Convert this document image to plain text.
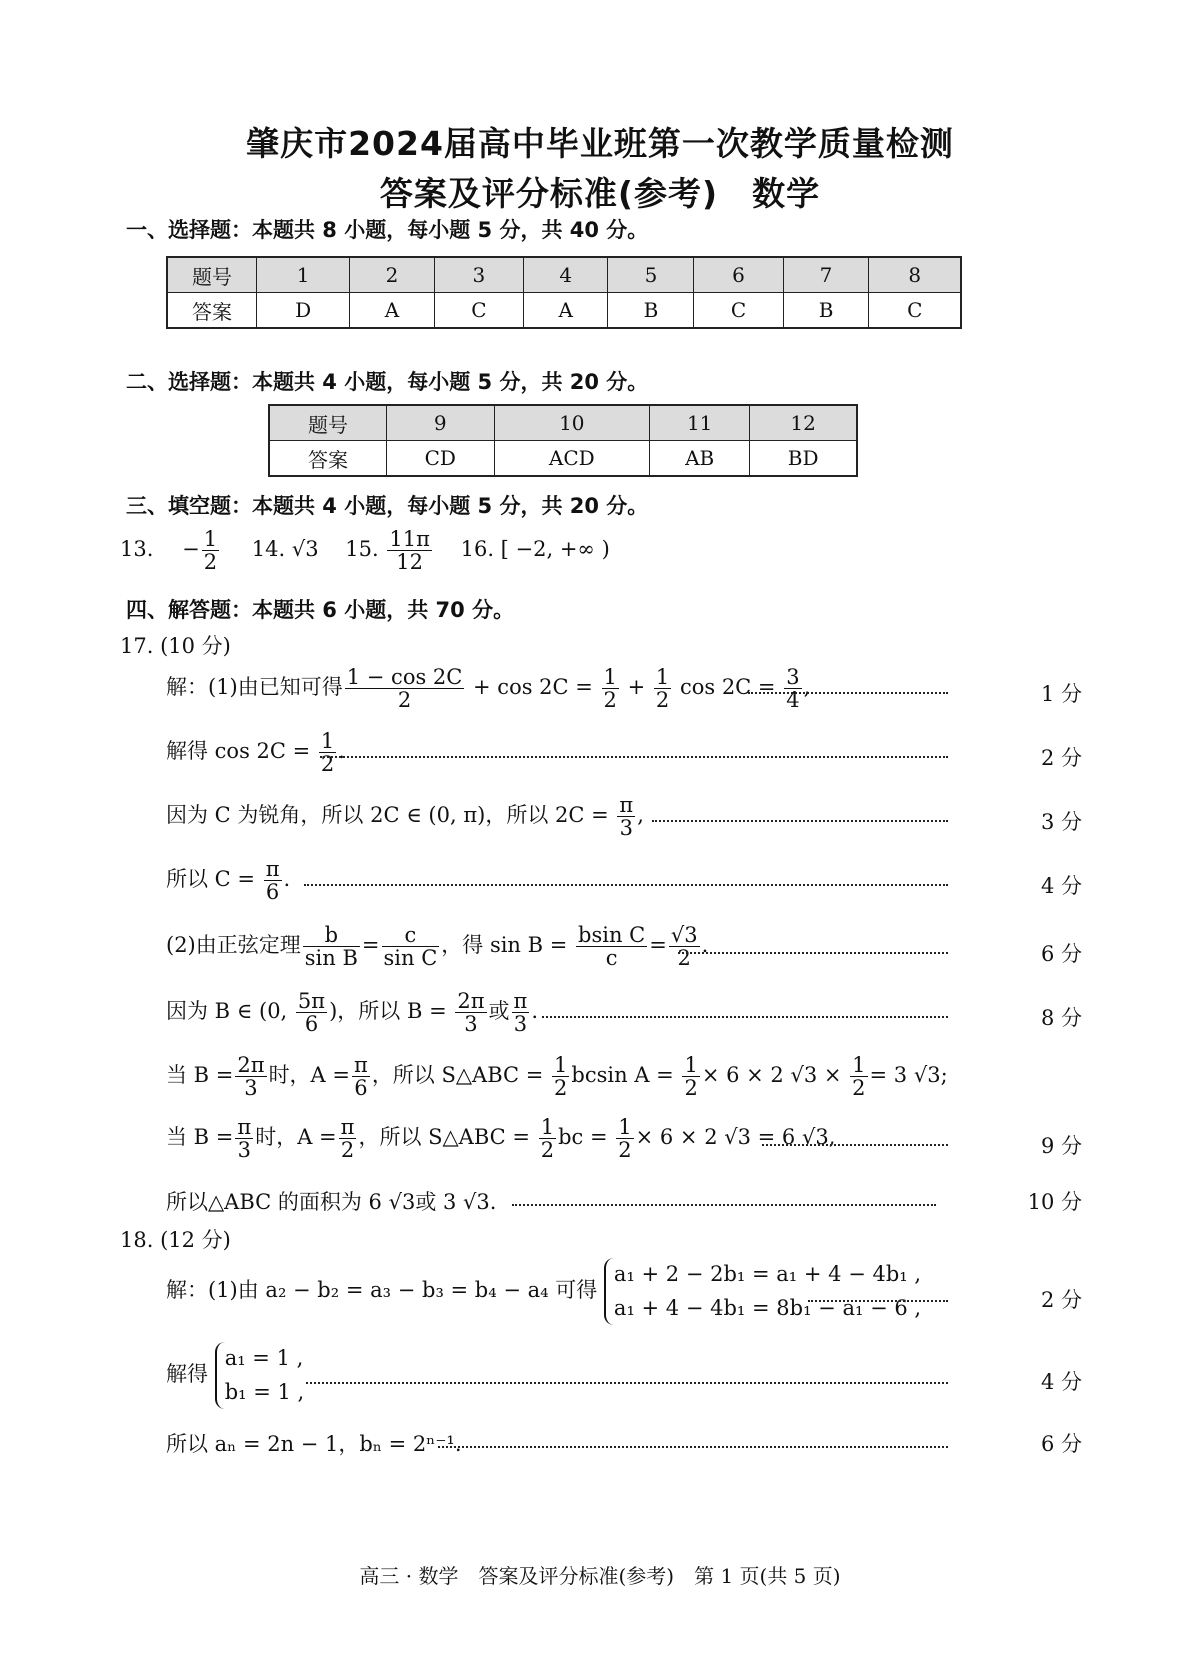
肇庆市2024届高中毕业班第一次教学质量检测
答案及评分标准(参考)　数学
一、选择题：本题共 8 小题，每小题 5 分，共 40 分。
题号	1	2	3	4	5	6	7	8
答案	D	A	C	A	B	C	B	C
二、选择题：本题共 4 小题，每小题 5 分，共 20 分。
题号	9	10	11	12
答案	CD	ACD	AB	BD
三、填空题：本题共 4 小题，每小题 5 分，共 20 分。
13. − $\frac{1}{2} 14$. √3 15. $\frac{11\pi}{12} 16$. [ −2, +∞ )
四、解答题：本题共 6 小题，共 70 分。
17. (10 分)
解：(1)由已知可得 $\frac{1 - \cos 2C}{2} + \cos 2C = \frac{1}{2} + \frac{1}{2}$ $\cos 2C = \frac{3}{4}$ ,	1 分
解得 $\cos 2C = \frac{1}{2}$ .	2 分
因为 C 为锐角，所以 2C ∈ (0, π)，所以 $2C = \frac{\pi}{3}$ ,	3 分
所以 $C = \frac{\pi}{6}$ .	4 分
(2)由正弦定理 $\frac{b}{\text{sin B}} = \frac{c}{\text{sin C}}$ ，得 $\sin B = \frac{\text{bsin C}}{c} = \frac{√3}{2}$ .	6 分
因为 B ∈ (0, $\frac{5\pi}{6}$ )，所以 $B = \frac{2\pi}{3}$ 或 $\frac{\pi}{3}$ .	8 分
当 $B = \frac{2\pi}{3}$ 时，$A = \frac{\pi}{6}$ ，所以 S△ABC = $\frac{1}{2}$ bcsin $A = \frac{1}{2} \times 6 \times 2$ $√3 \times \frac{1}{2} = 3$ √3;
当 $B = \frac{\pi}{3}$ 时，$A = \frac{\pi}{2}$ ，所以 S△ABC = $\frac{1}{2}$ bc = $\frac{1}{2} \times 6 \times 2$ √3 = 6 √3,	9 分
所以△ABC 的面积为 6 √3或 3 √3.	10 分
18. (12 分)
解：(1)由 a₂ − b₂ = a₃ − b₃ = b₄ − a₄ 可得
a₁ + 2 − 2b₁ = a₁ + 4 − 4b₁ ,
a₁ + 4 − 4b₁ = 8b₁ − a₁ − 6 ,	2 分
解得
a₁ = 1 ,
b₁ = 1 ,	4 分
所以 aₙ = 2n − 1，bₙ = 2ⁿ⁻¹.	6 分
高三 · 数学　答案及评分标准(参考)　第 1 页(共 5 页)
